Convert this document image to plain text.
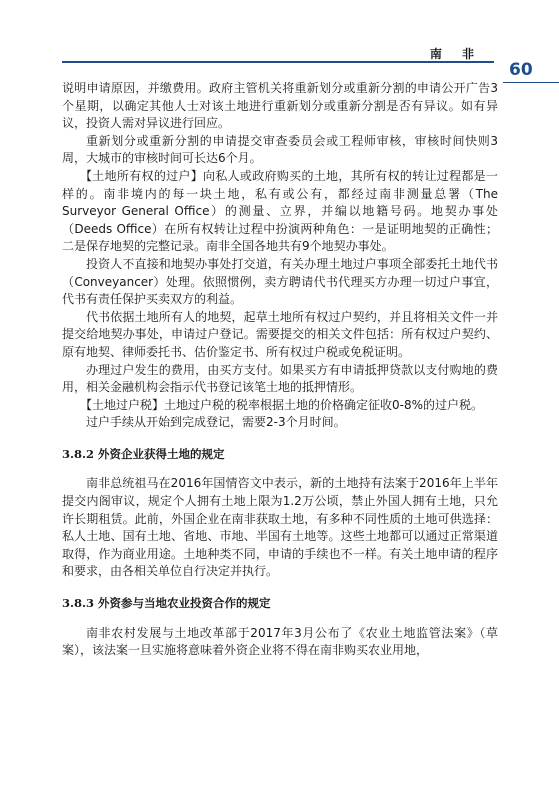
南 非
60

说明申请原因，并缴费用。政府主管机关将重新划分或重新分割的申请公开广告3个星期，以确定其他人士对该土地进行重新划分或重新分割是否有异议。如有异议，投资人需对异议进行回应。

重新划分或重新分割的申请提交审查委员会或工程师审核，审核时间快则3周，大城市的审核时间可长达6个月。

【土地所有权的过户】向私人或政府购买的土地，其所有权的转让过程都是一样的。南非境内的每一块土地，私有或公有，都经过南非测量总署（The Surveyor General Office）的测量、立界，并编以地籍号码。地契办事处（Deeds Office）在所有权转让过程中扮演两种角色：一是证明地契的正确性；二是保存地契的完整记录。南非全国各地共有9个地契办事处。

投资人不直接和地契办事处打交道，有关办理土地过户事项全部委托土地代书（Conveyancer）处理。依照惯例，卖方聘请代书代理买方办理一切过户事宜，代书有责任保护买卖双方的利益。

代书依据土地所有人的地契，起草土地所有权过户契约，并且将相关文件一并提交给地契办事处，申请过户登记。需要提交的相关文件包括：所有权过户契约、原有地契、律师委托书、估价鉴定书、所有权过户税或免税证明。

办理过户发生的费用，由买方支付。如果买方有申请抵押贷款以支付购地的费用，相关金融机构会指示代书登记该笔土地的抵押情形。

【土地过户税】土地过户税的税率根据土地的价格确定征收0-8%的过户税。

过户手续从开始到完成登记，需要2-3个月时间。

3.8.2 外资企业获得土地的规定

南非总统祖马在2016年国情咨文中表示，新的土地持有法案于2016年上半年提交内阁审议，规定个人拥有土地上限为1.2万公顷，禁止外国人拥有土地，只允许长期租赁。此前，外国企业在南非获取土地，有多种不同性质的土地可供选择：私人土地、国有土地、省地、市地、半国有土地等。这些土地都可以通过正常渠道取得，作为商业用途。土地种类不同，申请的手续也不一样。有关土地申请的程序和要求，由各相关单位自行决定并执行。

3.8.3 外资参与当地农业投资合作的规定

南非农村发展与土地改革部于2017年3月公布了《农业土地监管法案》（草案），该法案一旦实施将意味着外资企业将不得在南非购买农业用地，
